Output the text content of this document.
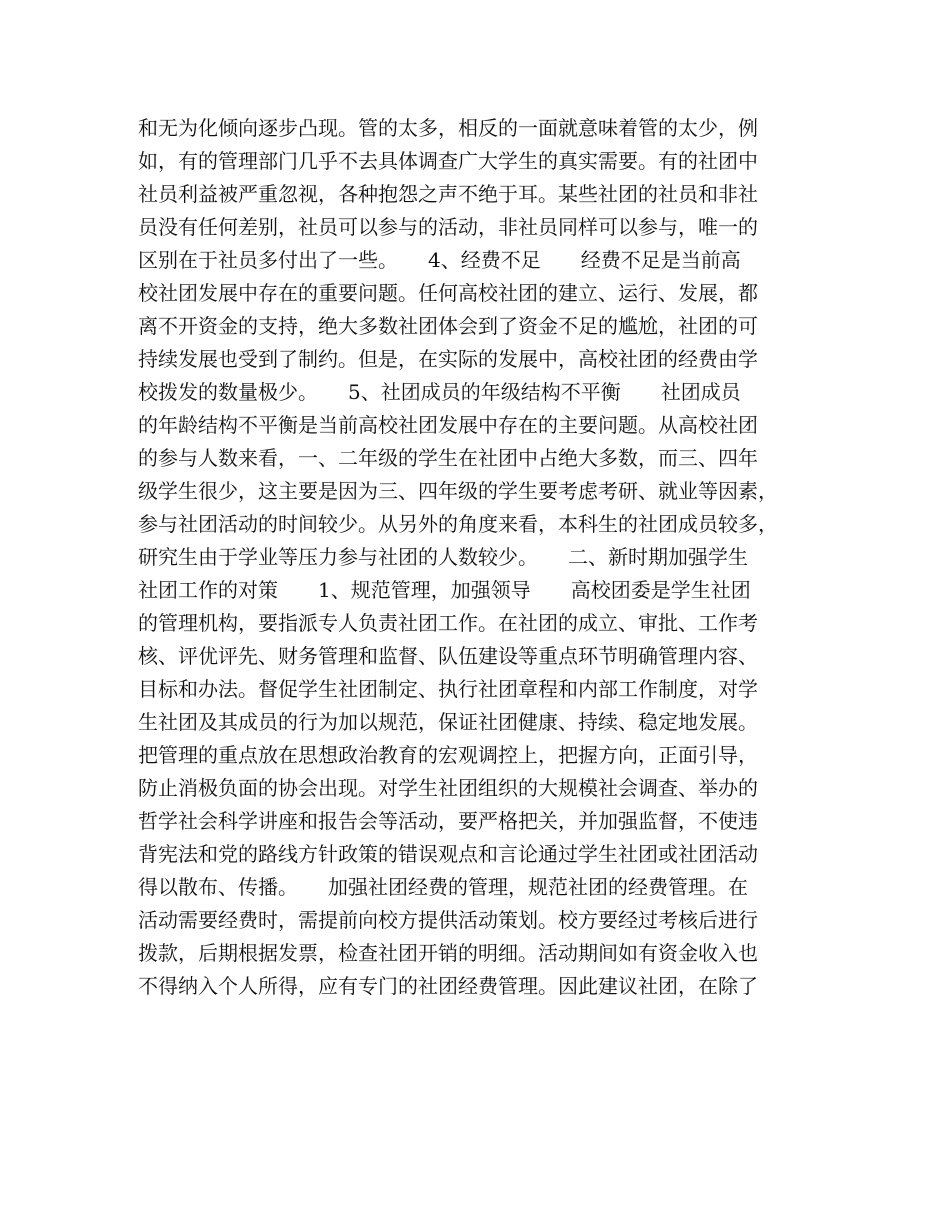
和无为化倾向逐步凸现。管的太多，相反的一面就意味着管的太少，例
如，有的管理部门几乎不去具体调查广大学生的真实需要。有的社团中
社员利益被严重忽视，各种抱怨之声不绝于耳。某些社团的社员和非社
员没有任何差别，社员可以参与的活动，非社员同样可以参与，唯一的
区别在于社员多付出了一些。　　4、经费不足　　经费不足是当前高
校社团发展中存在的重要问题。任何高校社团的建立、运行、发展，都
离不开资金的支持，绝大多数社团体会到了资金不足的尴尬，社团的可
持续发展也受到了制约。但是，在实际的发展中，高校社团的经费由学
校拨发的数量极少。　　5、社团成员的年级结构不平衡　　社团成员
的年龄结构不平衡是当前高校社团发展中存在的主要问题。从高校社团
的参与人数来看，一、二年级的学生在社团中占绝大多数，而三、四年
级学生很少，这主要是因为三、四年级的学生要考虑考研、就业等因素，
参与社团活动的时间较少。从另外的角度来看，本科生的社团成员较多，
研究生由于学业等压力参与社团的人数较少。　　二、新时期加强学生
社团工作的对策　　1、规范管理，加强领导　　高校团委是学生社团
的管理机构，要指派专人负责社团工作。在社团的成立、审批、工作考
核、评优评先、财务管理和监督、队伍建设等重点环节明确管理内容、
目标和办法。督促学生社团制定、执行社团章程和内部工作制度，对学
生社团及其成员的行为加以规范，保证社团健康、持续、稳定地发展。
把管理的重点放在思想政治教育的宏观调控上，把握方向，正面引导，
防止消极负面的协会出现。对学生社团组织的大规模社会调查、举办的
哲学社会科学讲座和报告会等活动，要严格把关，并加强监督，不使违
背宪法和党的路线方针政策的错误观点和言论通过学生社团或社团活动
得以散布、传播。　　加强社团经费的管理，规范社团的经费管理。在
活动需要经费时，需提前向校方提供活动策划。校方要经过考核后进行
拨款，后期根据发票，检查社团开销的明细。活动期间如有资金收入也
不得纳入个人所得，应有专门的社团经费管理。因此建议社团，在除了
